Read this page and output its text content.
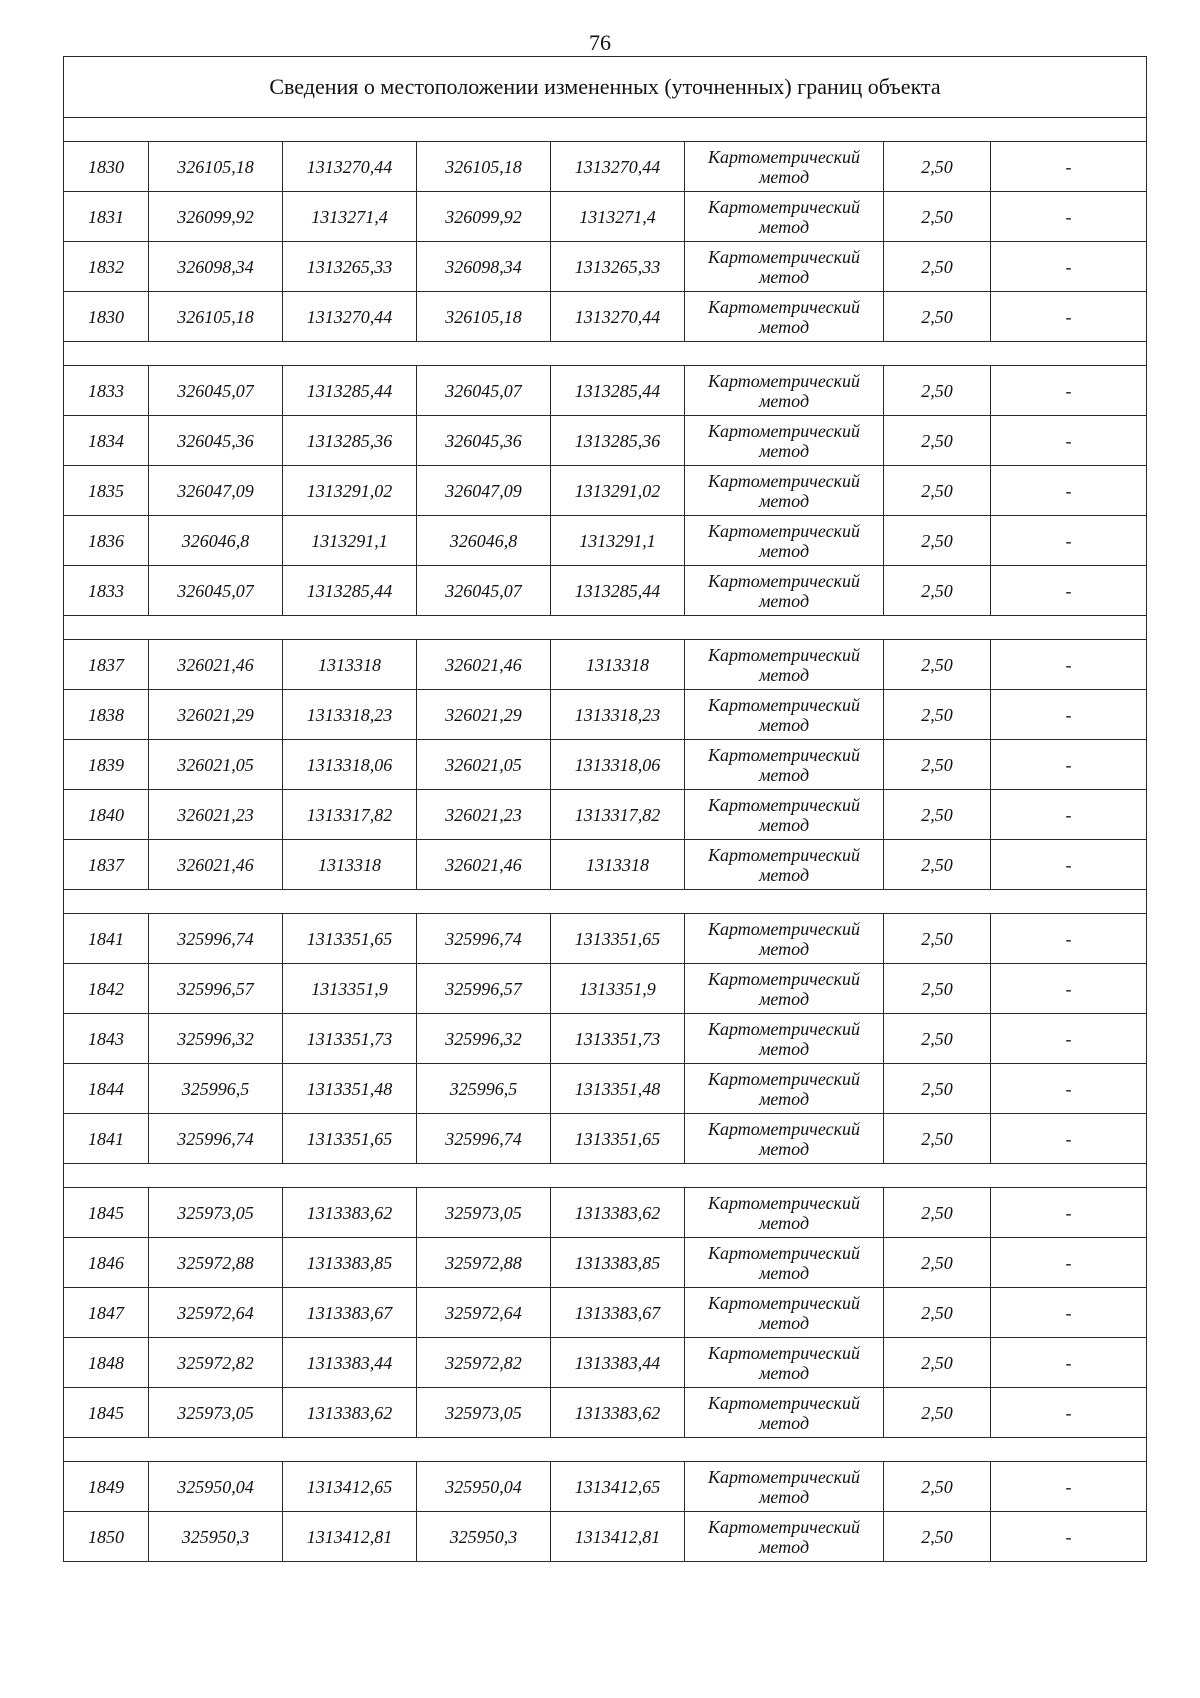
76
Сведения о местоположении измененных (уточненных) границ объекта							

1830	326105,18	1313270,44	326105,18	1313270,44	Картометрический метод	2,50	-
1831	326099,92	1313271,4	326099,92	1313271,4	Картометрический метод	2,50	-
1832	326098,34	1313265,33	326098,34	1313265,33	Картометрический метод	2,50	-
1830	326105,18	1313270,44	326105,18	1313270,44	Картометрический метод	2,50	-

1833	326045,07	1313285,44	326045,07	1313285,44	Картометрический метод	2,50	-
1834	326045,36	1313285,36	326045,36	1313285,36	Картометрический метод	2,50	-
1835	326047,09	1313291,02	326047,09	1313291,02	Картометрический метод	2,50	-
1836	326046,8	1313291,1	326046,8	1313291,1	Картометрический метод	2,50	-
1833	326045,07	1313285,44	326045,07	1313285,44	Картометрический метод	2,50	-

1837	326021,46	1313318	326021,46	1313318	Картометрический метод	2,50	-
1838	326021,29	1313318,23	326021,29	1313318,23	Картометрический метод	2,50	-
1839	326021,05	1313318,06	326021,05	1313318,06	Картометрический метод	2,50	-
1840	326021,23	1313317,82	326021,23	1313317,82	Картометрический метод	2,50	-
1837	326021,46	1313318	326021,46	1313318	Картометрический метод	2,50	-

1841	325996,74	1313351,65	325996,74	1313351,65	Картометрический метод	2,50	-
1842	325996,57	1313351,9	325996,57	1313351,9	Картометрический метод	2,50	-
1843	325996,32	1313351,73	325996,32	1313351,73	Картометрический метод	2,50	-
1844	325996,5	1313351,48	325996,5	1313351,48	Картометрический метод	2,50	-
1841	325996,74	1313351,65	325996,74	1313351,65	Картометрический метод	2,50	-

1845	325973,05	1313383,62	325973,05	1313383,62	Картометрический метод	2,50	-
1846	325972,88	1313383,85	325972,88	1313383,85	Картометрический метод	2,50	-
1847	325972,64	1313383,67	325972,64	1313383,67	Картометрический метод	2,50	-
1848	325972,82	1313383,44	325972,82	1313383,44	Картометрический метод	2,50	-
1845	325973,05	1313383,62	325973,05	1313383,62	Картометрический метод	2,50	-

1849	325950,04	1313412,65	325950,04	1313412,65	Картометрический метод	2,50	-
1850	325950,3	1313412,81	325950,3	1313412,81	Картометрический метод	2,50	-
